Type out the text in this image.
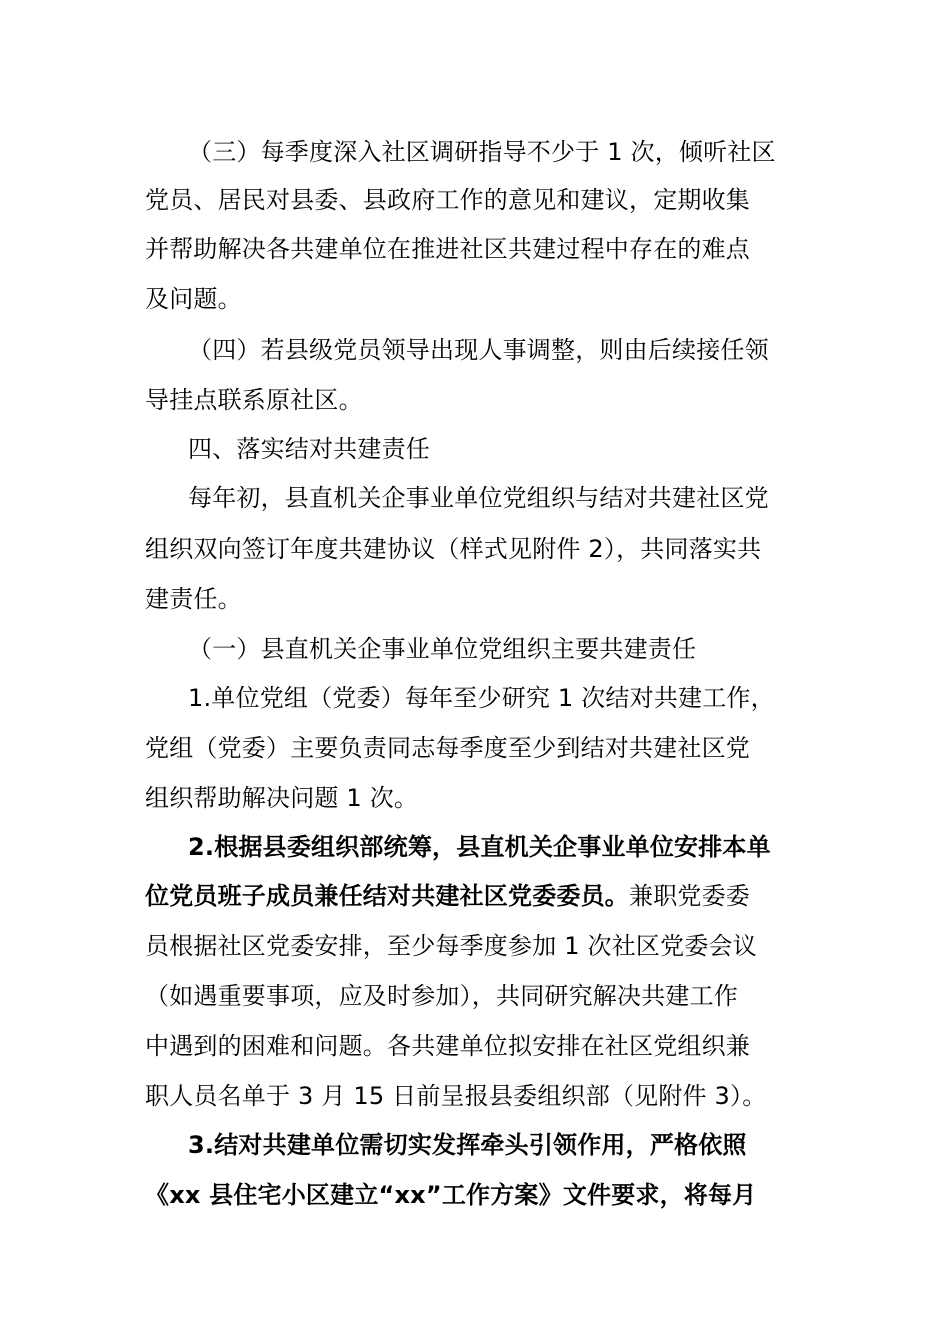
（三）每季度深入社区调研指导不少于 1 次，倾听社区
党员、居民对县委、县政府工作的意见和建议，定期收集
并帮助解决各共建单位在推进社区共建过程中存在的难点
及问题。
（四）若县级党员领导出现人事调整，则由后续接任领
导挂点联系原社区。
四、落实结对共建责任
每年初，县直机关企事业单位党组织与结对共建社区党
组织双向签订年度共建协议（样式见附件 2），共同落实共
建责任。
（一）县直机关企事业单位党组织主要共建责任
1.单位党组（党委）每年至少研究 1 次结对共建工作，
党组（党委）主要负责同志每季度至少到结对共建社区党
组织帮助解决问题 1 次。
2.根据县委组织部统筹，县直机关企事业单位安排本单
位党员班子成员兼任结对共建社区党委委员。兼职党委委
员根据社区党委安排，至少每季度参加 1 次社区党委会议
（如遇重要事项，应及时参加），共同研究解决共建工作
中遇到的困难和问题。各共建单位拟安排在社区党组织兼
职人员名单于 3 月 15 日前呈报县委组织部（见附件 3）。
3.结对共建单位需切实发挥牵头引领作用，严格依照
《xx 县住宅小区建立“xx”工作方案》文件要求，将每月
